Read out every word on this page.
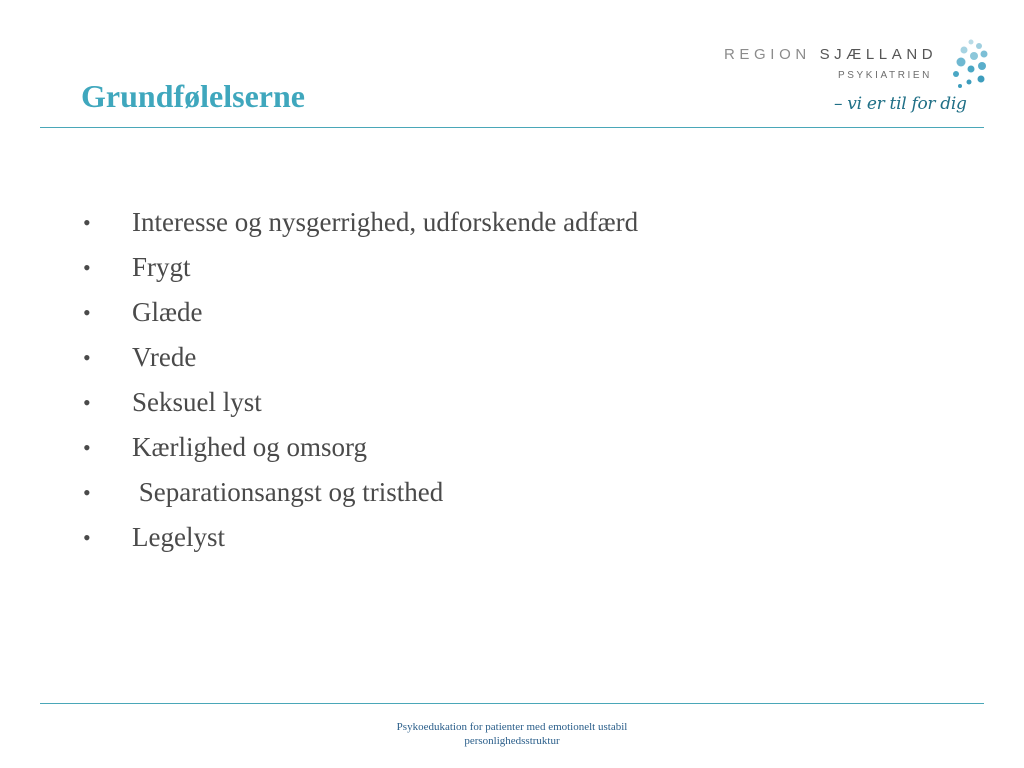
Grundfølelserne
REGION SJÆLLAND
PSYKIATRIEN
– vi er til for dig

•

Interesse og nysgerrighed, udforskende adfærd

•

Frygt

•

Glæde

•

Vrede

•

Seksuel lyst

•

Kærlighed og omsorg

•

Separationsangst og tristhed

•

Legelyst

Psykoedukation for patienter med emotionelt ustabil
personlighedsstruktur
